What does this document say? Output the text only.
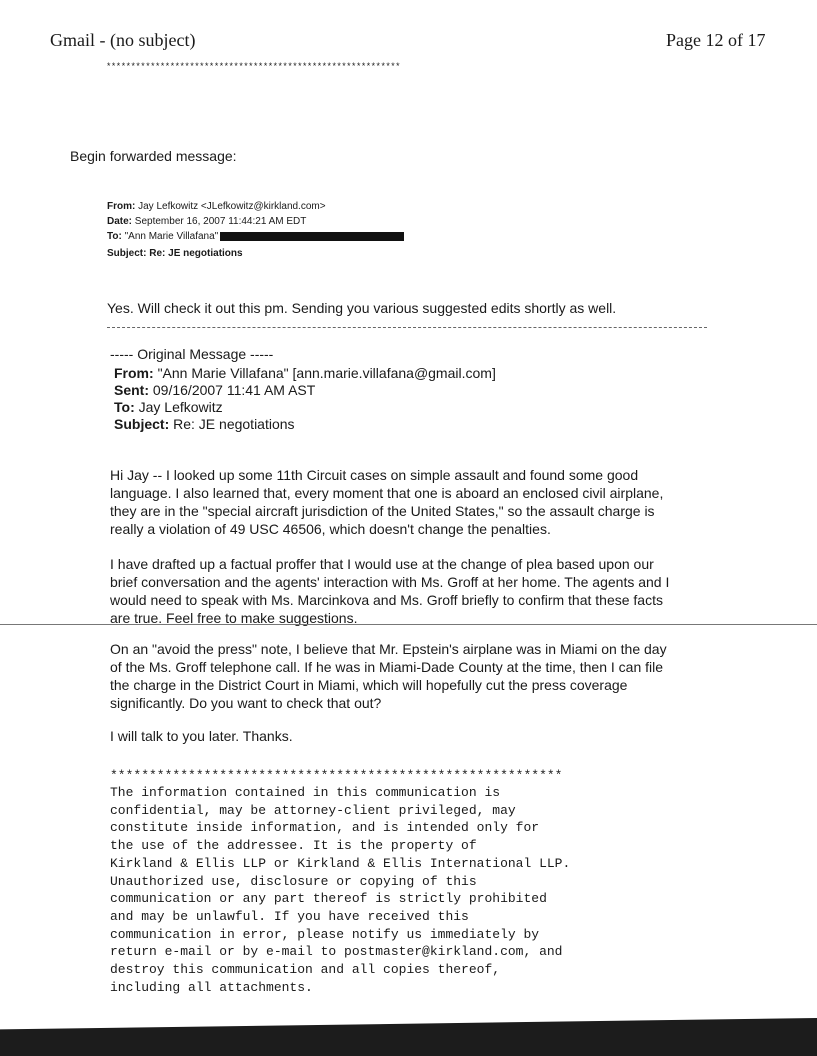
Gmail - (no subject)	Page 12 of 17
************************************************************
Begin forwarded message:
From: Jay Lefkowitz <JLefkowitz@kirkland.com>
Date: September 16, 2007 11:44:21 AM EDT
To: "Ann Marie Villafana"
Subject: Re: JE negotiations
Yes. Will check it out this pm. Sending you various suggested edits shortly as well.
----- Original Message -----
From: "Ann Marie Villafana" [ann.marie.villafana@gmail.com]
Sent: 09/16/2007 11:41 AM AST
To: Jay Lefkowitz
Subject: Re: JE negotiations
Hi Jay -- I looked up some 11th Circuit cases on simple assault and found some good language. I also learned that, every moment that one is aboard an enclosed civil airplane, they are in the "special aircraft jurisdiction of the United States," so the assault charge is really a violation of 49 USC 46506, which doesn't change the penalties.
I have drafted up a factual proffer that I would use at the change of plea based upon our brief conversation and the agents' interaction with Ms. Groff at her home. The agents and I would need to speak with Ms. Marcinkova and Ms. Groff briefly to confirm that these facts are true. Feel free to make suggestions.
On an "avoid the press" note, I believe that Mr. Epstein's airplane was in Miami on the day of the Ms. Groff telephone call. If he was in Miami-Dade County at the time, then I can file the charge in the District Court in Miami, which will hopefully cut the press coverage significantly. Do you want to check that out?
I will talk to you later. Thanks.
**********************************************************
The information contained in this communication is
confidential, may be attorney-client privileged, may
constitute inside information, and is intended only for
the use of the addressee. It is the property of
Kirkland & Ellis LLP or Kirkland & Ellis International LLP.
Unauthorized use, disclosure or copying of this
communication or any part thereof is strictly prohibited
and may be unlawful. If you have received this
communication in error, please notify us immediately by
return e-mail or by e-mail to postmaster@kirkland.com, and
destroy this communication and all copies thereof,
including all attachments.
